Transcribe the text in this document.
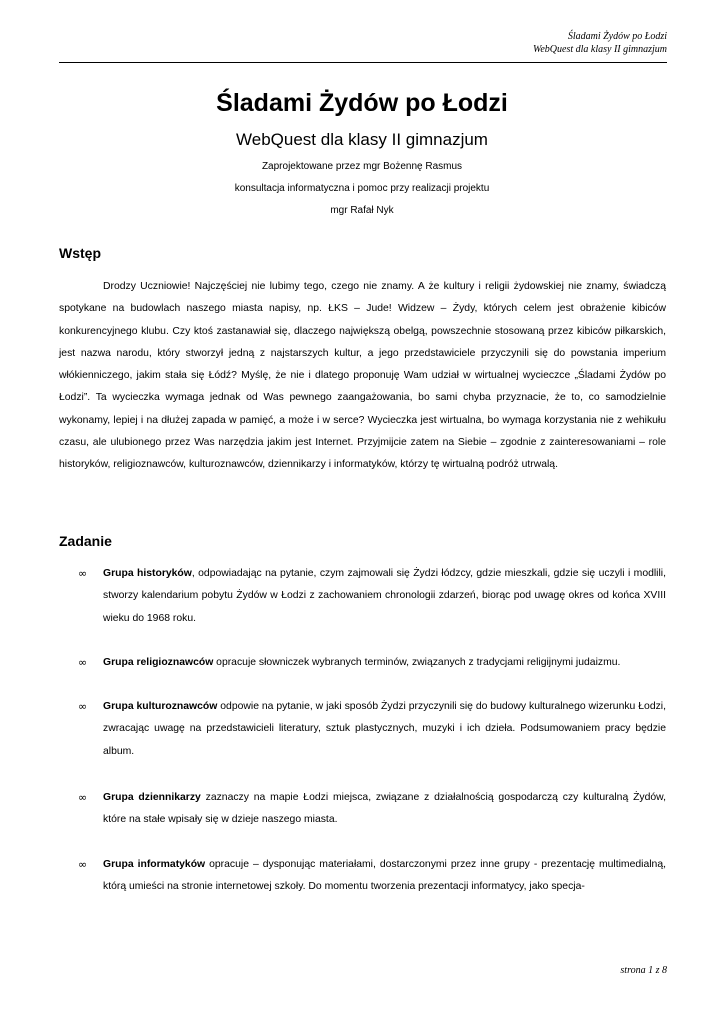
Śladami Żydów po Łodzi
WebQuest dla klasy II gimnazjum
Śladami Żydów po Łodzi
WebQuest dla klasy II gimnazjum
Zaprojektowane przez mgr Bożennę Rasmus
konsultacja informatyczna i pomoc przy realizacji projektu
mgr Rafał Nyk
Wstęp
Drodzy Uczniowie! Najczęściej nie lubimy tego, czego nie znamy. A że kultury i religii żydowskiej nie znamy, świadczą spotykane na budowlach naszego miasta napisy, np. ŁKS – Jude! Widzew – Żydy, których celem jest obrażenie kibiców konkurencyjnego klubu. Czy ktoś zastanawiał się, dlaczego największą obelgą, powszechnie stosowaną przez kibiców piłkarskich, jest nazwa narodu, który stworzył jedną z najstarszych kultur, a jego przedstawiciele przyczynili się do powstania imperium włókienniczego, jakim stała się Łódź? Myślę, że nie i dlatego proponuję Wam udział w wirtualnej wycieczce „Śladami Żydów po Łodzi”. Ta wycieczka wymaga jednak od Was pewnego zaangażowania, bo sami chyba przyznacie, że to, co samodzielnie wykonamy, lepiej i na dłużej zapada w pamięć, a może i w serce? Wycieczka jest wirtualna, bo wymaga korzystania nie z wehikułu czasu, ale ulubionego przez Was narzędzia jakim jest Internet. Przyjmijcie zatem na Siebie – zgodnie z zainteresowaniami – role historyków, religioznawców, kulturoznawców, dziennikarzy i informatyków, którzy tę wirtualną podróż utrwalą.
Zadanie
∞ Grupa historyków, odpowiadając na pytanie, czym zajmowali się Żydzi łódzcy, gdzie mieszkali, gdzie się uczyli i modlili, stworzy kalendarium pobytu Żydów w Łodzi z zachowaniem chronologii zdarzeń, biorąc pod uwagę okres od końca XVIII wieku do 1968 roku.
∞ Grupa religioznawców opracuje słowniczek wybranych terminów, związanych z tradycjami religijnymi judaizmu.
∞ Grupa kulturoznawców odpowie na pytanie, w jaki sposób Żydzi przyczynili się do budowy kulturalnego wizerunku Łodzi, zwracając uwagę na przedstawicieli literatury, sztuk plastycznych, muzyki i ich dzieła. Podsumowaniem pracy będzie album.
∞ Grupa dziennikarzy zaznaczy na mapie Łodzi miejsca, związane z działalnością gospodarczą czy kulturalną Żydów, które na stałe wpisały się w dzieje naszego miasta.
∞ Grupa informatyków opracuje – dysponując materiałami, dostarczonymi przez inne grupy - prezentację multimedialną, którą umieści na stronie internetowej szkoły. Do momentu tworzenia prezentacji informatycy, jako specja-
strona 1 z 8
